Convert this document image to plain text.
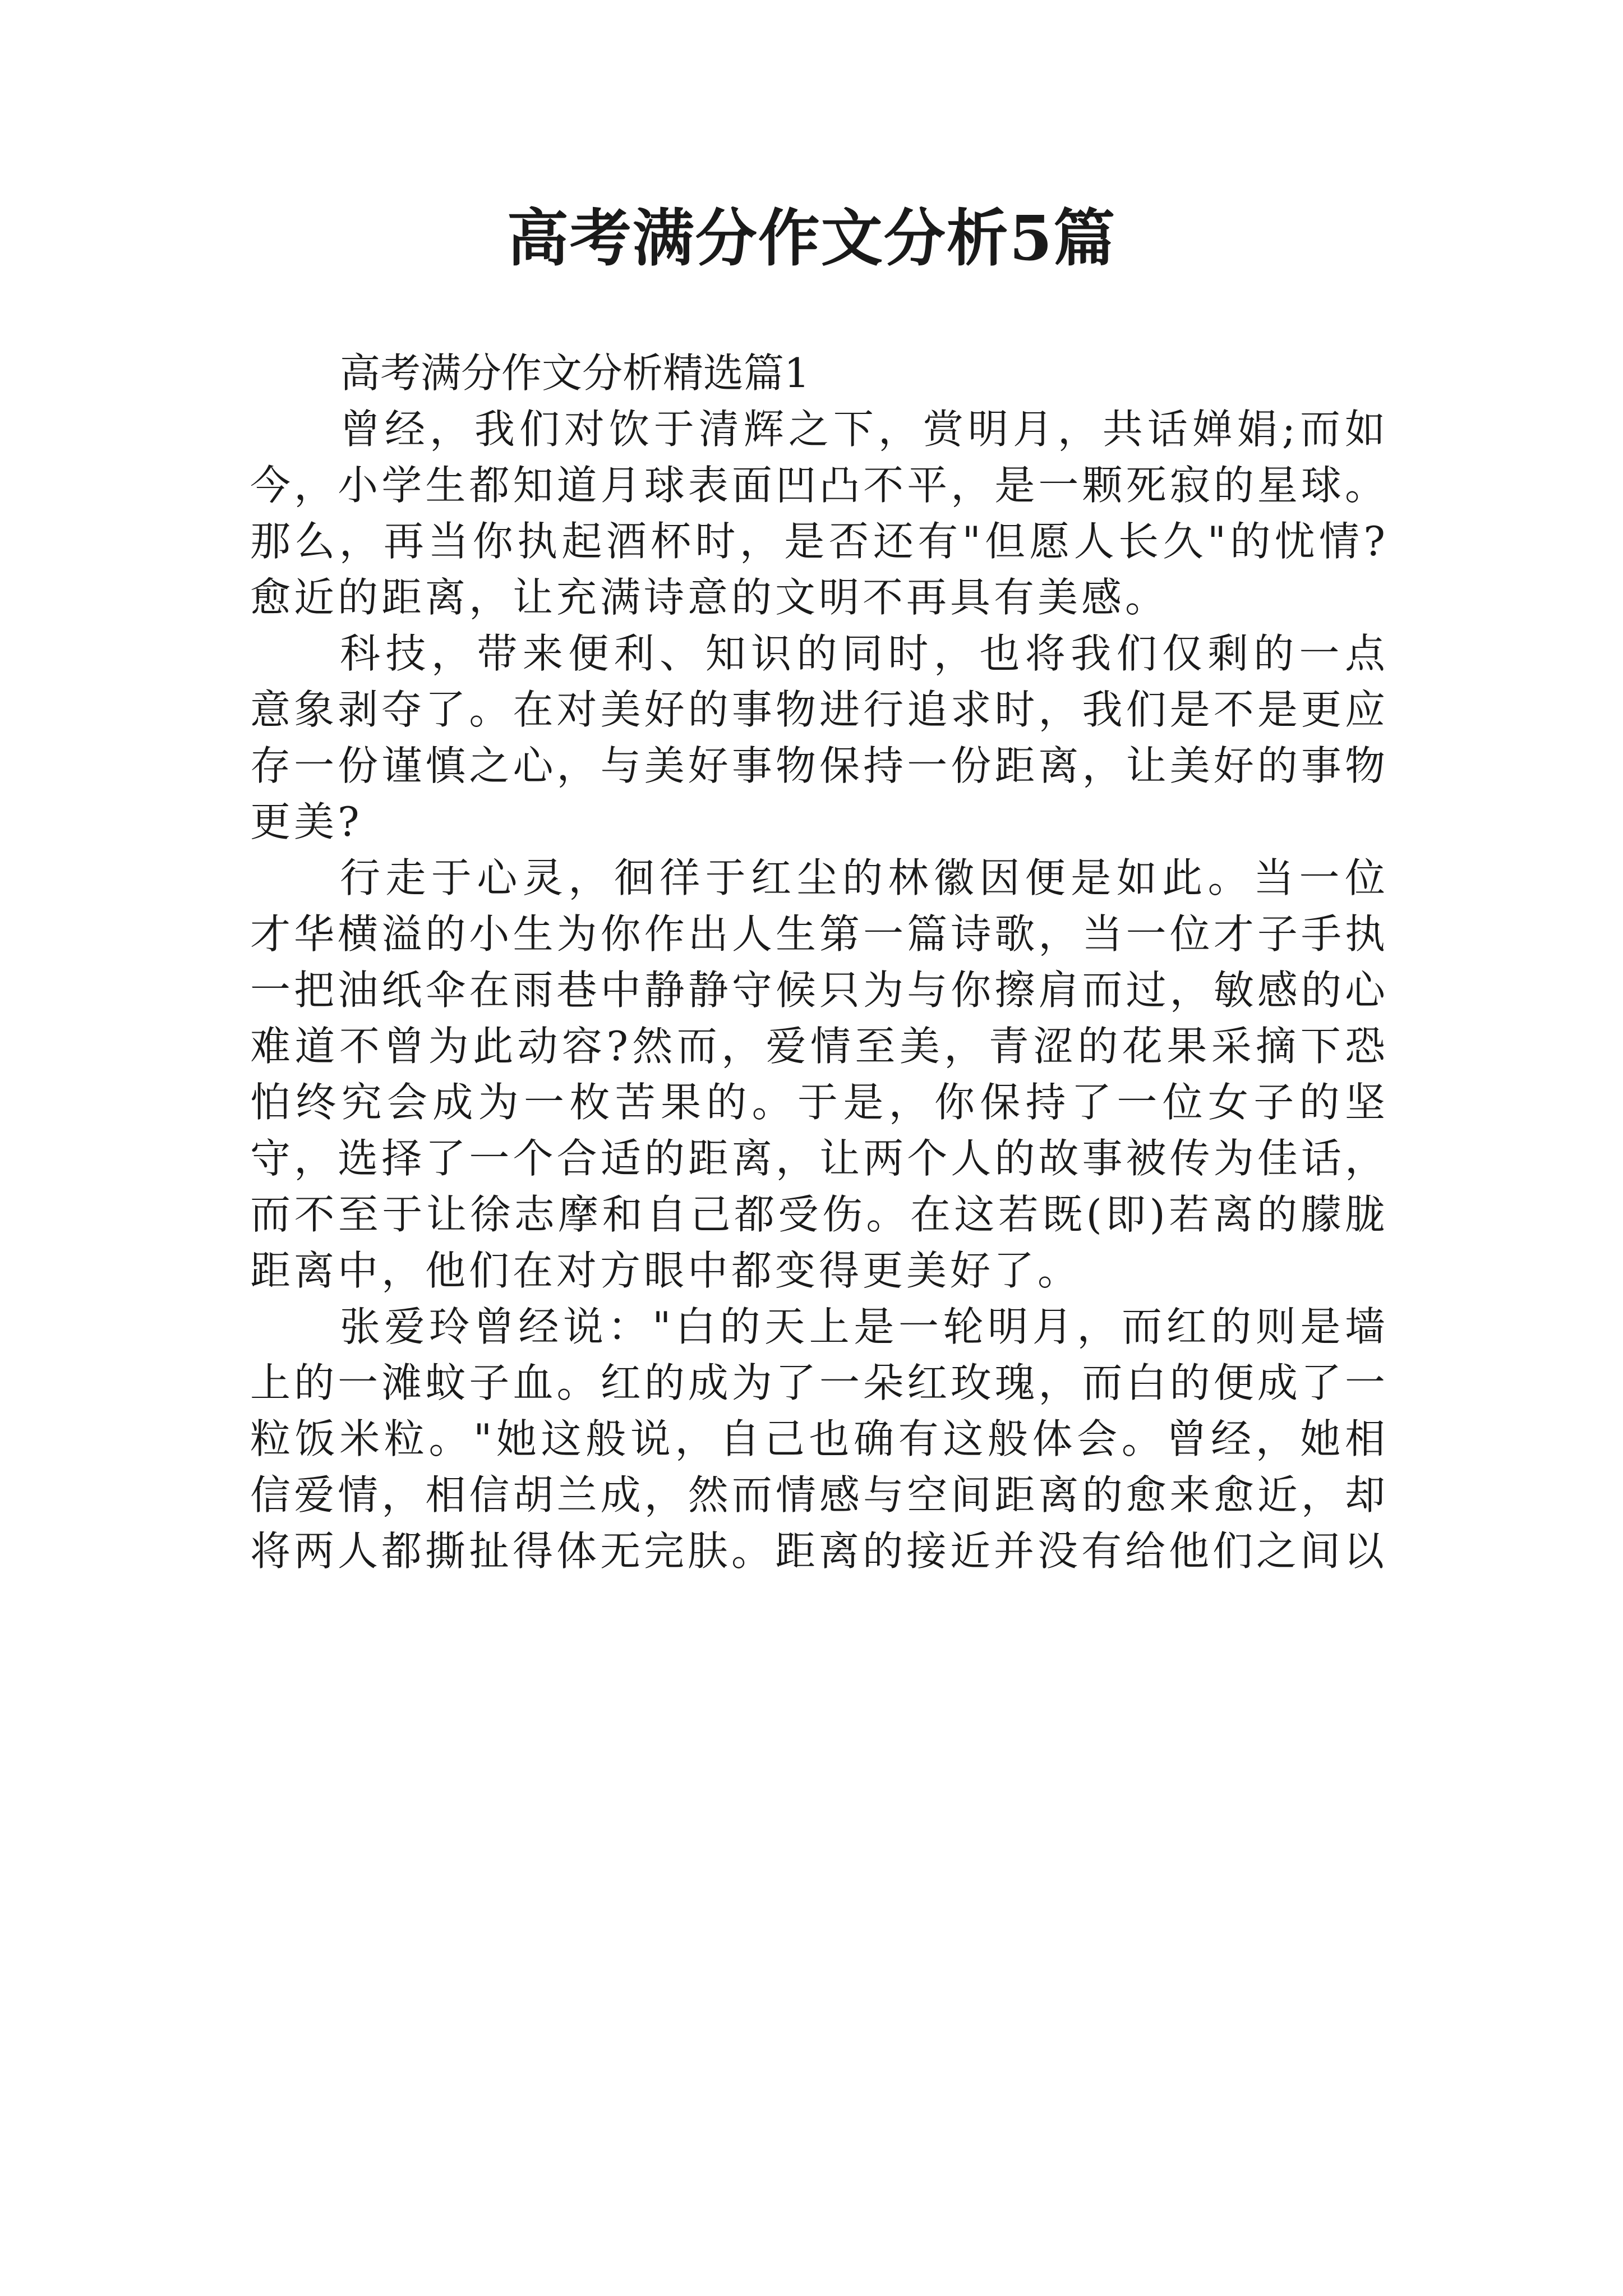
高考满分作文分析5篇
高考满分作文分析精选篇1

曾经，我们对饮于清辉之下，赏明月，共话婵娟;而如今，小学生都知道月球表面凹凸不平，是一颗死寂的星球。那么，再当你执起酒杯时，是否还有"但愿人长久"的忧情?愈近的距离，让充满诗意的文明不再具有美感。

科技，带来便利、知识的同时，也将我们仅剩的一点意象剥夺了。在对美好的事物进行追求时，我们是不是更应存一份谨慎之心，与美好事物保持一份距离，让美好的事物更美?

行走于心灵，徊徉于红尘的林徽因便是如此。当一位才华横溢的小生为你作出人生第一篇诗歌，当一位才子手执一把油纸伞在雨巷中静静守候只为与你擦肩而过，敏感的心难道不曾为此动容?然而，爱情至美，青涩的花果采摘下恐怕终究会成为一枚苦果的。于是，你保持了一位女子的坚守，选择了一个合适的距离，让两个人的故事被传为佳话，而不至于让徐志摩和自己都受伤。在这若既(即)若离的朦胧距离中，他们在对方眼中都变得更美好了。

张爱玲曾经说："白的天上是一轮明月，而红的则是墙上的一滩蚊子血。红的成为了一朵红玫瑰，而白的便成了一粒饭米粒。"她这般说，自己也确有这般体会。曾经，她相信爱情，相信胡兰成，然而情感与空间距离的愈来愈近，却将两人都撕扯得体无完肤。距离的接近并没有给他们之间以
